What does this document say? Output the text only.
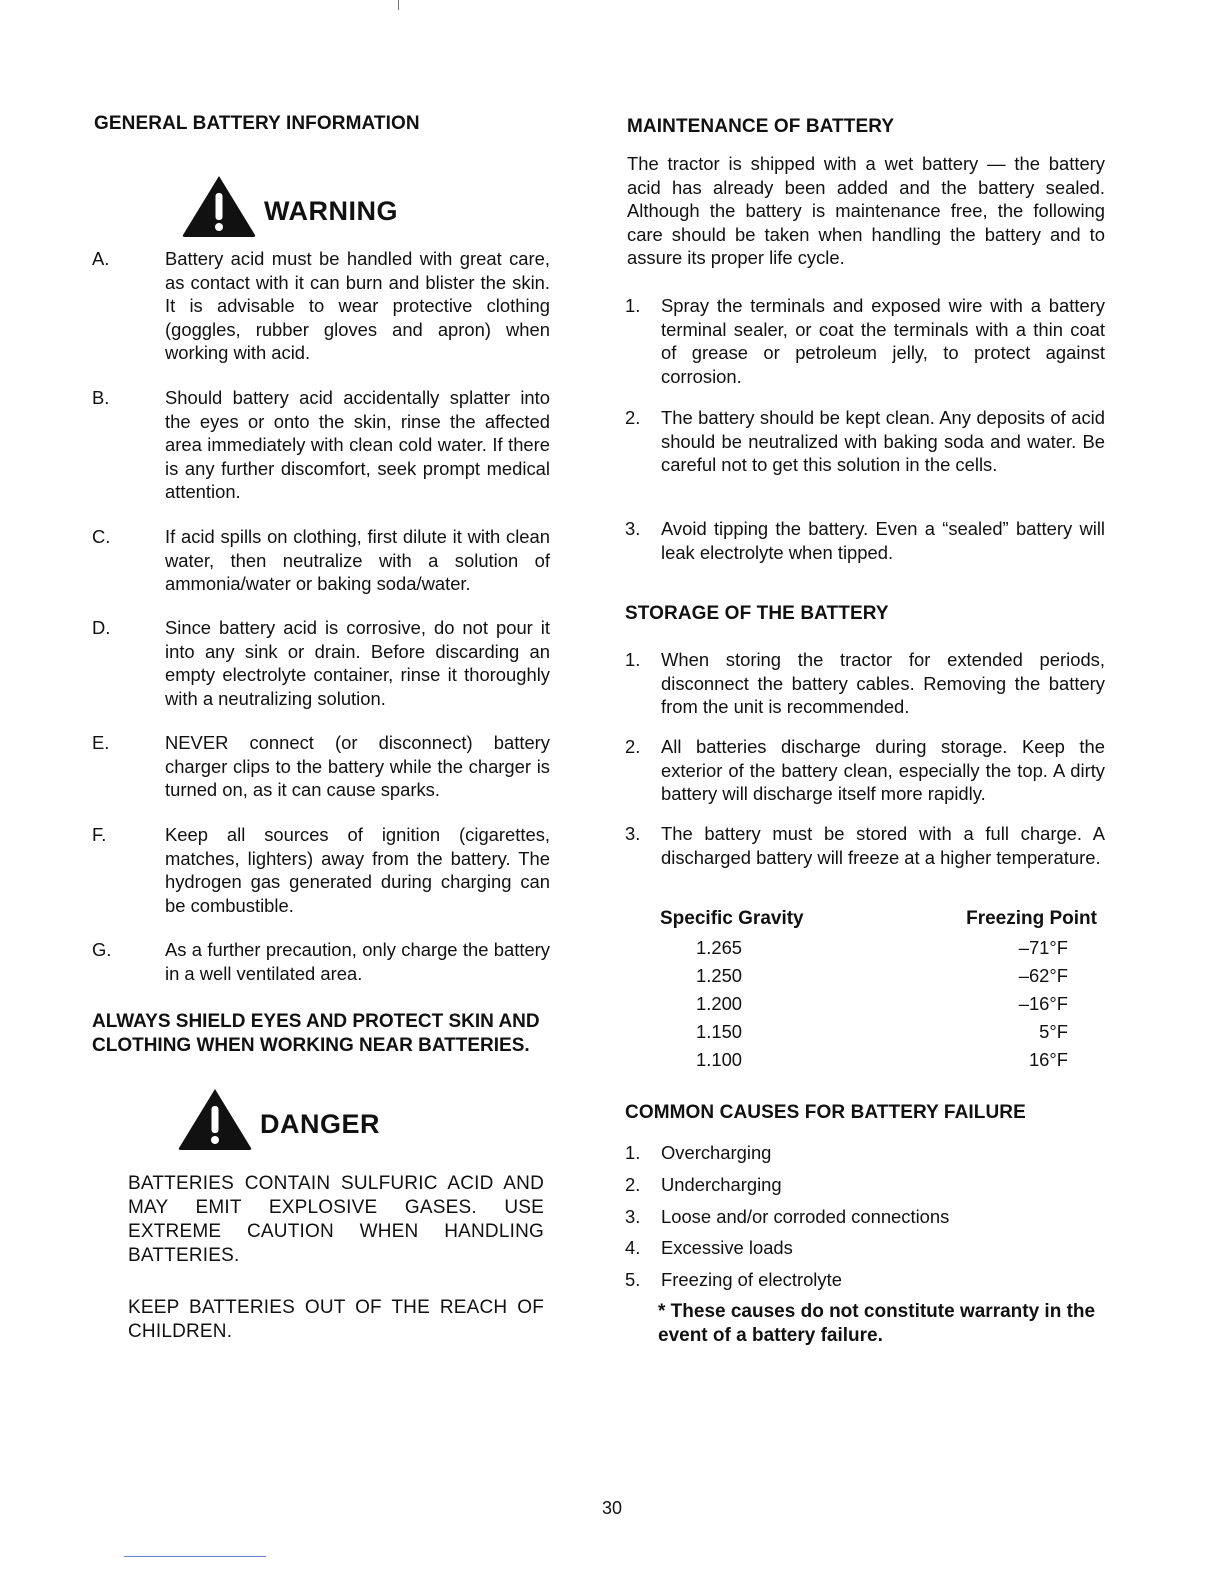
GENERAL BATTERY INFORMATION
WARNING
A.	Battery acid must be handled with great care, as contact with it can burn and blister the skin. It is advisable to wear protective clothing (goggles, rubber gloves and apron) when working with acid.
B.	Should battery acid accidentally splatter into the eyes or onto the skin, rinse the affected area immediately with clean cold water. If there is any further discomfort, seek prompt medical attention.
C.	If acid spills on clothing, first dilute it with clean water, then neutralize with a solution of ammonia/water or baking soda/water.
D.	Since battery acid is corrosive, do not pour it into any sink or drain. Before discarding an empty electrolyte container, rinse it thoroughly with a neutralizing solution.
E.	NEVER connect (or disconnect) battery charger clips to the battery while the charger is turned on, as it can cause sparks.
F.	Keep all sources of ignition (cigarettes, matches, lighters) away from the battery. The hydrogen gas generated during charging can be combustible.
G.	As a further precaution, only charge the battery in a well ventilated area.
ALWAYS SHIELD EYES AND PROTECT SKIN AND CLOTHING WHEN WORKING NEAR BATTERIES.
DANGER
BATTERIES CONTAIN SULFURIC ACID AND MAY EMIT EXPLOSIVE GASES. USE EXTREME CAUTION WHEN HANDLING BATTERIES.
KEEP BATTERIES OUT OF THE REACH OF CHILDREN.
MAINTENANCE OF BATTERY
The tractor is shipped with a wet battery — the battery acid has already been added and the battery sealed. Although the battery is maintenance free, the following care should be taken when handling the battery and to assure its proper life cycle.
1. Spray the terminals and exposed wire with a battery terminal sealer, or coat the terminals with a thin coat of grease or petroleum jelly, to protect against corrosion.
2. The battery should be kept clean. Any deposits of acid should be neutralized with baking soda and water. Be careful not to get this solution in the cells.
3. Avoid tipping the battery. Even a “sealed” battery will leak electrolyte when tipped.
STORAGE OF THE BATTERY
1. When storing the tractor for extended periods, disconnect the battery cables. Removing the battery from the unit is recommended.
2. All batteries discharge during storage. Keep the exterior of the battery clean, especially the top. A dirty battery will discharge itself more rapidly.
3. The battery must be stored with a full charge. A discharged battery will freeze at a higher temperature.
Specific Gravity	Freezing Point
1.265	–71°F
1.250	–62°F
1.200	–16°F
1.150	5°F
1.100	16°F
COMMON CAUSES FOR BATTERY FAILURE
1. Overcharging
2. Undercharging
3. Loose and/or corroded connections
4. Excessive loads
5. Freezing of electrolyte
* These causes do not constitute warranty in the event of a battery failure.
30
